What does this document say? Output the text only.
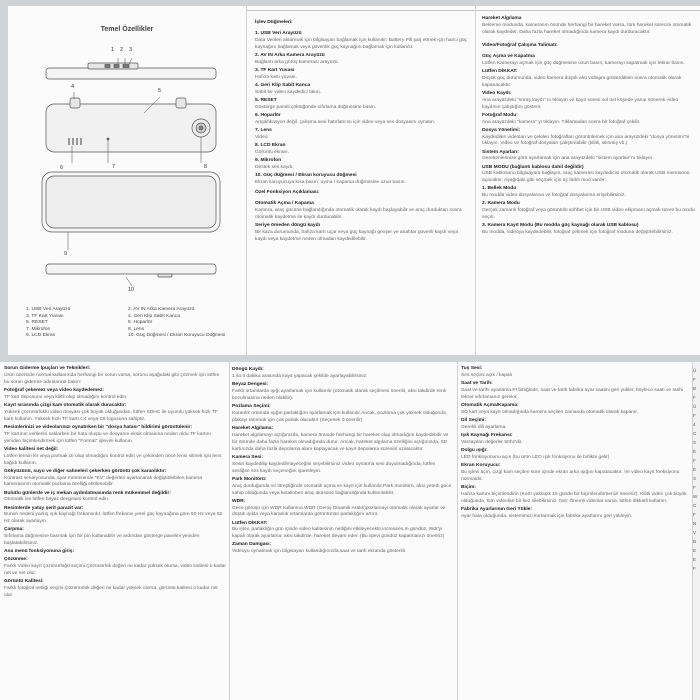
Temel Özellikler
1 2 3
4
5
6	7	8
9
10
1. USB Veri Arayüzü
3. TF Kart Yuvası
5. RESET
7. Mikrofon
9. LCD Ekran
2. AV IN Arka Kamera Arayüzü
4. Geri Klip Sabit Kanca
6. Hoparlör
8. Lens
10. Güç Düğmesi / Ekran Koruyucu Düğmesi
İşlev Düğmeleri:
1. USB Veri Arayüzü
Data Verileri aktarmak için bilgisayarı bağlamak için kullanılır; Battery Pill şarj etmek için harici güç kaynağını bağlamak veya güvenlik güç kaynağını bağlamak için kullanılır.
2. AV IN Arka Kamera Arayüzü
Bağlantı arka görüş kamerası arayüzü.
3. TF Kart Yuvası
Hafıza kartı yuvası.
4. Geri Klip Sabit Kanca
Sabit bir video kaydedici takın.
5. RESET
Gösterge paneli çöktüğünde sıfırlama düğmesine basın.
6. Hoparlör
Amplifikasyon değil, çalışma sesi hatırlatıcısı için video veya ses dosyasını oynatın.
7. Lens
Video.
8. LCD Ekran
Görüntü ekranı.
9. Mikrofon
Destek ses kaydı.
10. Güç düğmesi / Ekran koruyucu düğmesi
Ekran koruyucuya kısa basın; uyma / kapama düğmesine uzun basın.
Özel Fonksiyon Açıklaması:
Otomatik Açma / Kapama
Kamera, araç gücüne bağlandığında otomatik olarak kaydı başlayabilir ve araç durduktan sonra otomatik kaydetme ile kaydı durdurabilir.
Seriye ömeden döngü kaydı
Bir kaza durumunda, hafıza kartı uçar veya güç kaynağı gevşer ve anahtar güvenli kaydı veya kaydı veya kaydetme neden olmadan kaydedilebilir.
Hareket Algılama
Bekleme modunda, kameranın önünde herhangi bir hareket varsa, tüm hareket sürecini otomatik olarak kaydeder. Daha fazla hareket olmadığında kamera kaydı durduracaktır.
Video/Fotoğraf Çalışma Talimatı:
Güç Açma ve Kapatma
Lütfen Kamerayı açmak için güç düğmesine uzun basın; kamerayı kapatmak için tekrar basın.
Lütfen DİKKAT:
Düşük güç durumunda, video kamera düşük akü voltajını gösterdikten sonra otomatik olarak kapanacaktır.
Video Kaydı:
Ana arayüzdeki "sürüş kaydı" nı tıklayın ve kayıt süresi sol üst köşede yanıp sönerek video kaydının çalıştığını gösterir.
Fotoğraf Modu:
Ana arayüzdeki "kamera" yı tıklayın. Tıklamadan sonra bir fotoğraf çekilir.
Dosya Yönetimi:
Kaydedilen videoları ve çekilen fotoğrafları görüntülemek için ana arayüzdeki "dosya yönetimi"ni tıklayın. Video ve fotoğraf dosyaları çalıştırılabilir (kilitli, silinmiş vb.)
Sistem Ayarları:
Gerekenlerinize göre ayarlamak için ana arayüzdeki "sistem ayarları"nı tıklayın.
USB MODU (bağlantı kablosu dahil değildir)
USB kablosunu bilgisayara bağlayın, araç kamerası kaydedicisi otomatik olarak USB menüsünü açacaktır. Aşağıdaki gibi seçmek için üç farklı mod vardır:
1. Bellek Modu
Bu modda video dosyalarına ve fotoğraf dosyalarına erişebilirsiniz.
2. Kamera Modu
Gerçek zamanlı fotoğraf veya görüntülü sohbet için bir USB video ekipmanı açmak üzere bu modu seçin.
3. Kamera Kayıt Modu (Bu modda güç kaynağı olarak USB kablosu)
Bu modda, videoya kaydedebilir, fotoğraf çekmek için fotoğraf moduna değiştirebilirsiniz.
Sorun Giderme İpuçları ve Teknikleri:
Ürün üzerinde normal kullanımda herhangi bir sorun varsa, sorunu aşağıdaki gibi çözmek için lütfen bu sorun giderme adımlarına bakın:
Fotoğraf çekemez veya video kaydedemez:
TF kart deposunu veya kilitli olup olmadığını kontrol edin.
Kayıt sırasında çizgi kam otomatik olarak duracaktır:
Yüksek çözünürlüklü video dosyası çok büyük olduğundan, lütfen SDHC ile uyumlu yüksek hızlı TF kartı kullanın. Yüksek hızlı TF kartı C4 veya C6 logosuna sahiptir.
Resimlerinizi ve videolarınızı oynatırken bir "dosya hatası" bildirimi görüntülenir:
TF kartının verilerini saklarken bir hata oluştu ve dosyanın eksik olmasına neden oldu.TF kartını yeniden biçimlendirmek için lütfen "Format" işlevini kullanın.
Video kalitesi net değil:
Lütfen lensin kir veya parmak izi olup olmadığını kontrol edin ve çekimden önce lensi silmek için lens kağıdı kullanın.
Gökyüzünü, suyu ve diğer sahneleri çekerken görüntü çok karanlıktır:
Kontrast senaryosunda, ayar menüsünde "EV" değerleri ayarlanarak değiştirilebilen kamera kamerasının otomatik pozlama özelliği etkilenebilir.
Bulutlu günlerde ve iç mekan aydınlatmasında renk mükemmel değildir:
Otomatik ise lütfen beyaz dengesini kontrol edin.
Resimlerde yatay şerit parazit var:
Bunun nedeni yanlış ışık kaynağı frekansıdır, lütfen frekansı yerel güç kaynağına göre 50 Hz veya 60 Hz olarak ayarlayın.
Çarpma:
Sıfırlama düğmesine basmak için bir pin kullanabilir ve ardından gösterge panelini yeniden başlatabilirsiniz.
Ana menü fonksiyonuna giriş:
Çözünme:
Farklı Video kayıt çözünürlüğü seçimi.Çözünürlük değeri ne kadar yüksek olursa, video kalitesi o kadar net ve net olur.
Görüntü Kalitesi:
Farklı fotoğraf netliği seçimi.Çözünürlük değeri ne kadar yüksek olursa, görüntü kalitesi o kadar net olur.
Döngü Kaydı:
1 ila 5 dakika arasında kayıt yapacak şekilde ayarlayabilirsiniz.
Beyaz Dengesi:
Farklı ortamlarda ışığı ayarlamak için kullanılır (otomatik olarak seçilmesi önerilir, aksi takdirde renk bozulmasına neden olabilir).
Pozlama Seçimi:
Karanlık ortamda ışığın parlaklığını ayarlamak için kullanılır.Ancak, pozlama çok yüksek olduğunda, plakayı tanımak için çok parlak olacaktır (Seçenek 0 önerilir)
Hareket Algılama:
Hareket algılamayı açtığınızda, kamera önünde herhangi bir hareket olup olmadığını kaydedebilir ve bir önünde daha fazla hareket olmadığında durur. Ancak, hareket algılama özelliğini açtığınızda, SD kartınızda daha fazla depolama alanı kaplayacak ve kayıt depolama süresini uzatacaktır.
Kamera Sesi:
Sesin kaydedilip kaydedilmeyeceğini seçebilirsiniz.Video oynatma sesi duyulmadığında, lütfen sesliğse ses kaydı seçeneğini işaretleyin.
Park Monitörü:
Araç durduğunda ve titreştiğinde otomatik açma ve kayıt için kullanılır.Park monitörü, aksi yeterli güce sahip olduğunda veya ketalloben araç aküsüne bağlandığında kullanılabilir.
WDR:
Gece görüşü için WDR kullanma.WDR (Geniş Dinamik Aralık)pozlamayı otomatik olarak ayarlar ve düşük ışıkta veya karanlık ortamlarda görüntünün parlaklığını artırır.
Lütfen DİKKAT:
Bu işlev, parlaklığın gün içinde video kalitesinin netliğini etkileyecektir.increases.In gündüz, Wdr'yi kapalı olarak ayarlama; aksi takdirde, hareket devam eder. (Bu işlevi gündüz kapatmanızı öneririz)
Zaman Damgası:
Videoyu oynatmak için bilgisayarı kullandığınızda,saat ve tarih ekranda gösterilir.
Tuş Sesi:
Ses seçimi açık / kapalı
Saat ve Tarih:
Saat ve tarihi ayarlama.PI bittiğinde, saat ve tarih fabrika ayar saatini geri yükler, böylece saati ve tarihi tekrar sıfırlamanız gerekir.
Otomatik Açma/Kapama:
SD kart veya kayıt olmadığında kamera seçilen zamanda otomatik olarak kapanır.
Dil Seçimi:
Gerekli dili ayarlama.
Işık Kaynağı Frekansı:
Varsayılan değerler 50hz'dir.
Dolgu ışığı:
LED fonksiyonunu açın (bu ürün LED ışık fonksiyonu ile birlikte gelir)
Ekran Koruyucu:
Bu işlevi açın, çizgi kam seçilen süre içinde ekran arka ışığını kapatacaktır. Ve video kayıt fonksiyonu normaldir.
Biçim:
Hafıza kartını biçimlendirin (Kartı yaklaşık 15 günde bir biçimlendirmenizi öneririz). Kilitli video çok büyük olduğunda, tüm videoları bir kez silebilirsiniz. Not: Önemli videolar varsa, lütfen dikkatli kullanın.
Fabrika Ayarlarının Geri Yükle:
Ayar hata olduğunda, sistemimizi kurtarmak için fabrika ayarlarını geri yükleyin.
Ü
F
B
F
Ü
F
4
C
S
E
F
E
S
F
W
C
F
N
V
B
E
E
F
